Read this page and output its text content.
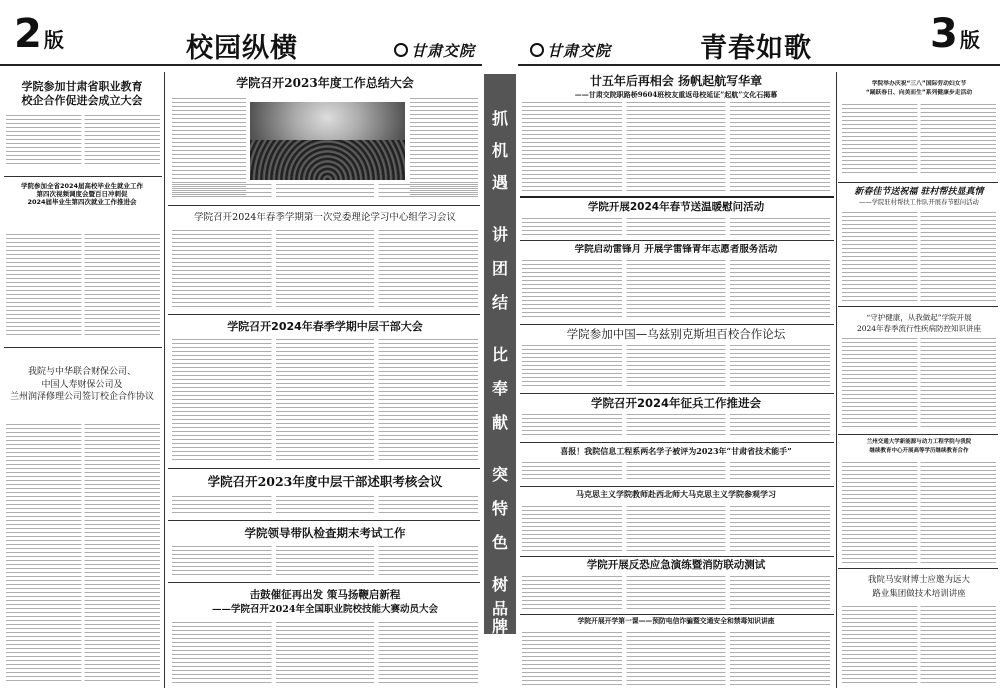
2 版	校园纵横	甘肃交院
学院参加甘肃省职业教育
校企合作促进会成立大会
学院参加全省2024届高校毕业生就业工作
第四次视频调度会暨百日冲刺促
2024届毕业生第四次就业工作推进会
我院与中华联合财保公司、
中国人寿财保公司及
兰州润泽修理公司签订校企合作协议
学院召开2023年度工作总结大会
学院召开2024年春季学期第一次党委理论学习中心组学习会议
学院召开2024年春季学期中层干部大会
学院召开2023年度中层干部述职考核会议
学院领导带队检查期末考试工作
击鼓催征再出发 策马扬鞭启新程
——学院召开2024年全国职业院校技能大赛动员大会
抓
机
遇
讲
团
结
比
奉
献
突
特
色
树
品
牌
甘肃交院	青春如歌	3 版
廿五年后再相会 扬帆起航写华章
——甘肃交院职路桥9604班校友重返母校延证“起航”文化石揭幕
学院开展2024年春节送温暖慰问活动
学院启动雷锋月 开展学雷锋青年志愿者服务活动
学院参加中国—乌兹别克斯坦百校合作论坛
学院召开2024年征兵工作推进会
喜报！我院信息工程系两名学子被评为2023年“甘肃省技术能手”
马克思主义学院教师赴西北师大马克思主义学院参观学习
学院开展反恐应急演练暨消防联动测试
学院开展开学第一课——预防电信诈骗暨交通安全和禁毒知识讲座
学院举办庆祝“三八”国际劳动妇女节
“踊跃春日、向美而生”系列健康步走活动
新春佳节送祝福 驻村帮扶显真情
——学院驻村帮扶工作队开展春节慰问活动
“守护健康，从我做起”学院开展
2024年春季流行性疾病防控知识讲座
兰州交通大学新能源与动力工程学院与我院
继续教育中心开展高等学历继续教育合作
我院马安财博士应邀为远大
路业集团做技术培训讲座
